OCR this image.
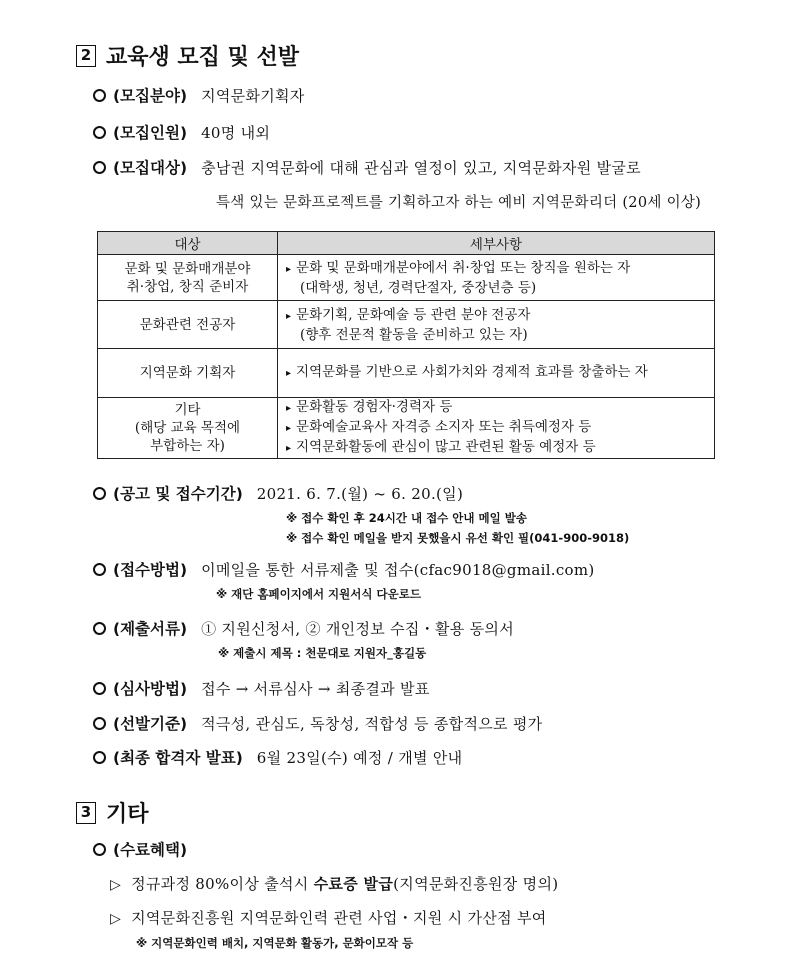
2 교육생 모집 및 선발
(모집분야) 지역문화기획자
(모집인원) 40명 내외
(모집대상) 충남권 지역문화에 대해 관심과 열정이 있고, 지역문화자원 발굴로
특색 있는 문화프로젝트를 기획하고자 하는 예비 지역문화리더 (20세 이상)
대상	세부사항
문화 및 문화매개분야
취·창업, 창직 준비자	▸ 문화 및 문화매개분야에서 취·창업 또는 창직을 원하는 자
(대학생, 청년, 경력단절자, 중장년층 등)

문화관련 전공자	▸ 문화기획, 문화예술 등 관련 분야 전공자
(향후 전문적 활동을 준비하고 있는 자)

지역문화 기획자	▸ 지역문화를 기반으로 사회가치와 경제적 효과를 창출하는 자
기타
(해당 교육 목적에
부합하는 자)	▸ 문화활동 경험자·경력자 등
▸ 문화예술교육사 자격증 소지자 또는 취득예정자 등
▸ 지역문화활동에 관심이 많고 관련된 활동 예정자 등
(공고 및 접수기간) 2021. 6. 7.(월) ~ 6. 20.(일)
※ 접수 확인 후 24시간 내 접수 안내 메일 발송
※ 접수 확인 메일을 받지 못했을시 유선 확인 필(041-900-9018)
(접수방법) 이메일을 통한 서류제출 및 접수(cfac9018@gmail.com)
※ 재단 홈페이지에서 지원서식 다운로드
(제출서류) ① 지원신청서, ② 개인정보 수집・활용 동의서
※ 제출시 제목 : 천문대로 지원자_홍길동
(심사방법) 접수 → 서류심사 → 최종결과 발표
(선발기준) 적극성, 관심도, 독창성, 적합성 등 종합적으로 평가
(최종 합격자 발표) 6월 23일(수) 예정 / 개별 안내
3 기타
(수료혜택)
▷ 정규과정 80%이상 출석시 수료증 발급(지역문화진흥원장 명의)
▷ 지역문화진흥원 지역문화인력 관련 사업・지원 시 가산점 부여
※ 지역문화인력 배치, 지역문화 활동가, 문화이모작 등
